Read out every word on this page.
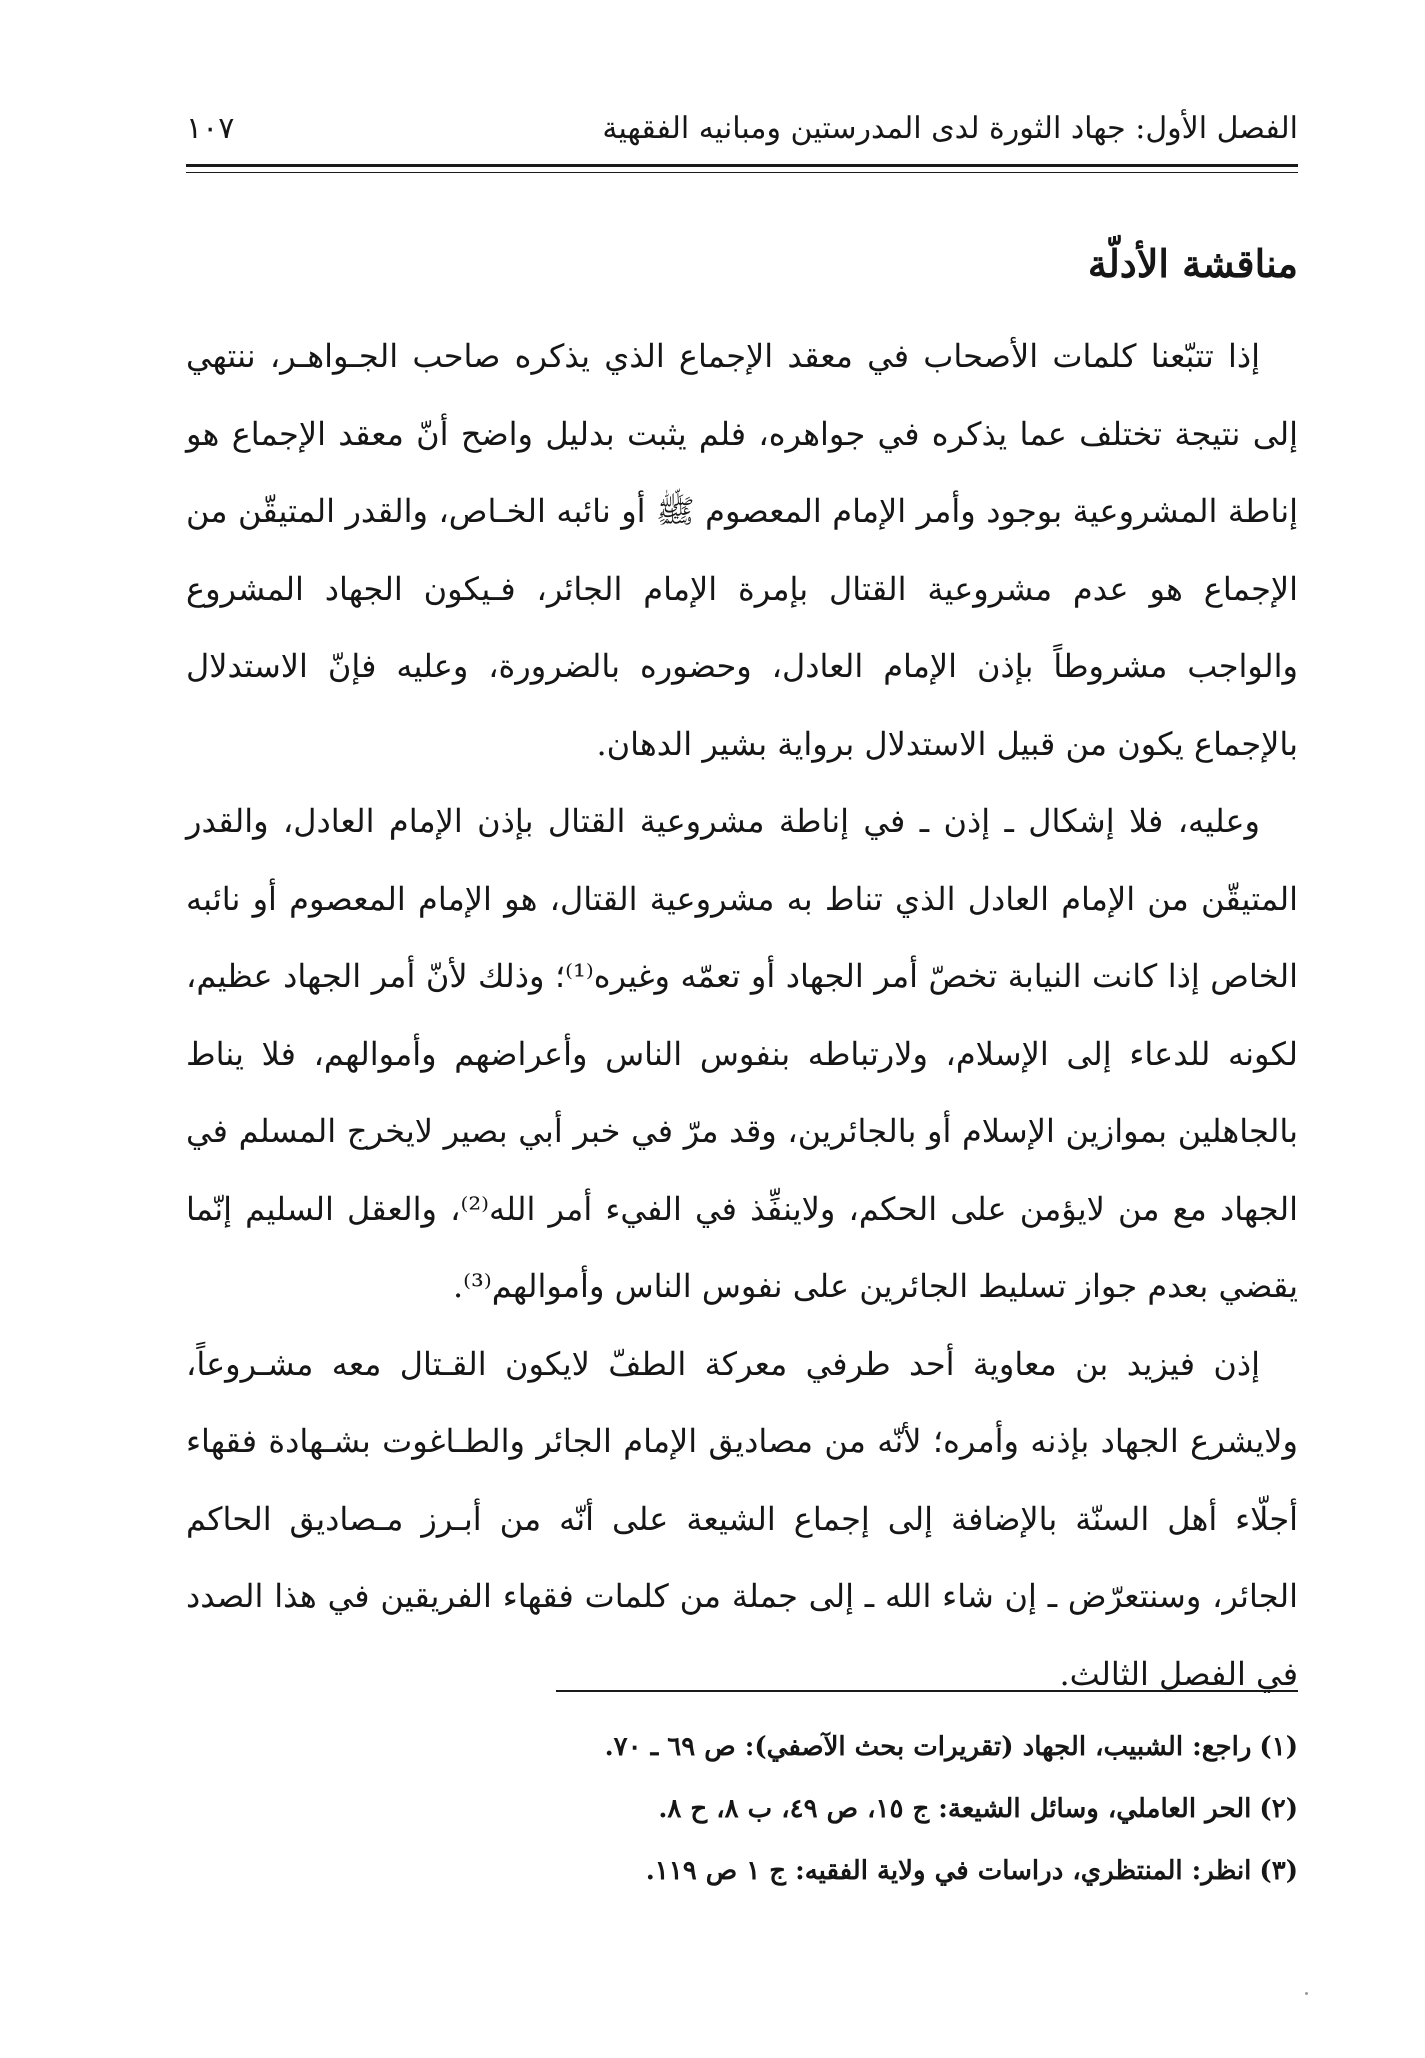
الفصل الأول: جهاد الثورة لدى المدرستين ومبانيه الفقهية
١٠٧
مناقشة الأدلّة

إذا تتبّعنا كلمات الأصحاب في معقد الإجماع الذي يذكره صاحب الجـواهـر، ننتهي إلى نتيجة تختلف عما يذكره في جواهره، فلم يثبت بدليل واضح أنّ معقد الإجماع هو إناطة المشروعية بوجود وأمر الإمام المعصوم ﷺ أو نائبه الخـاص، والقدر المتيقّن من الإجماع هو عدم مشروعية القتال بإمرة الإمام الجائر، فـيكون الجهاد المشروع والواجب مشروطاً بإذن الإمام العادل، وحضوره بالضرورة، وعليه فإنّ الاستدلال بالإجماع يكون من قبيل الاستدلال برواية بشير الدهان.

وعليه، فلا إشكال ـ إذن ـ في إناطة مشروعية القتال بإذن الإمام العادل، والقدر المتيقّن من الإمام العادل الذي تناط به مشروعية القتال، هو الإمام المعصوم أو نائبه الخاص إذا كانت النيابة تخصّ أمر الجهاد أو تعمّه وغيره⁽¹⁾؛ وذلك لأنّ أمر الجهاد عظيم، لكونه للدعاء إلى الإسلام، ولارتباطه بنفوس الناس وأعراضهم وأموالهم، فلا يناط بالجاهلين بموازين الإسلام أو بالجائرين، وقد مرّ في خبر أبي بصير لايخرج المسلم في الجهاد مع من لايؤمن على الحكم، ولاينفِّذ في الفيء أمر الله⁽²⁾، والعقل السليم إنّما يقضي بعدم جواز تسليط الجائرين على نفوس الناس وأموالهم⁽³⁾.

إذن فيزيد بن معاوية أحد طرفي معركة الطفّ لايكون القـتال معه مشـروعاً، ولايشرع الجهاد بإذنه وأمره؛ لأنّه من مصاديق الإمام الجائر والطـاغوت بشـهادة فقهاء أجلّاء أهل السنّة بالإضافة إلى إجماع الشيعة على أنّه من أبـرز مـصاديق الحاكم الجائر، وسنتعرّض ـ إن شاء الله ـ إلى جملة من كلمات فقهاء الفريقين في هذا الصدد في الفصل الثالث.

(١)راجع: الشبيب، الجهاد (تقريرات بحث الآصفي): ص ٦٩ ـ ٧٠.
(٢)الحر العاملي، وسائل الشيعة: ج ١٥، ص ٤٩، ب ٨، ح ٨.
(٣)انظر: المنتظري، دراسات في ولاية الفقيه: ج ١ ص ١١٩.
